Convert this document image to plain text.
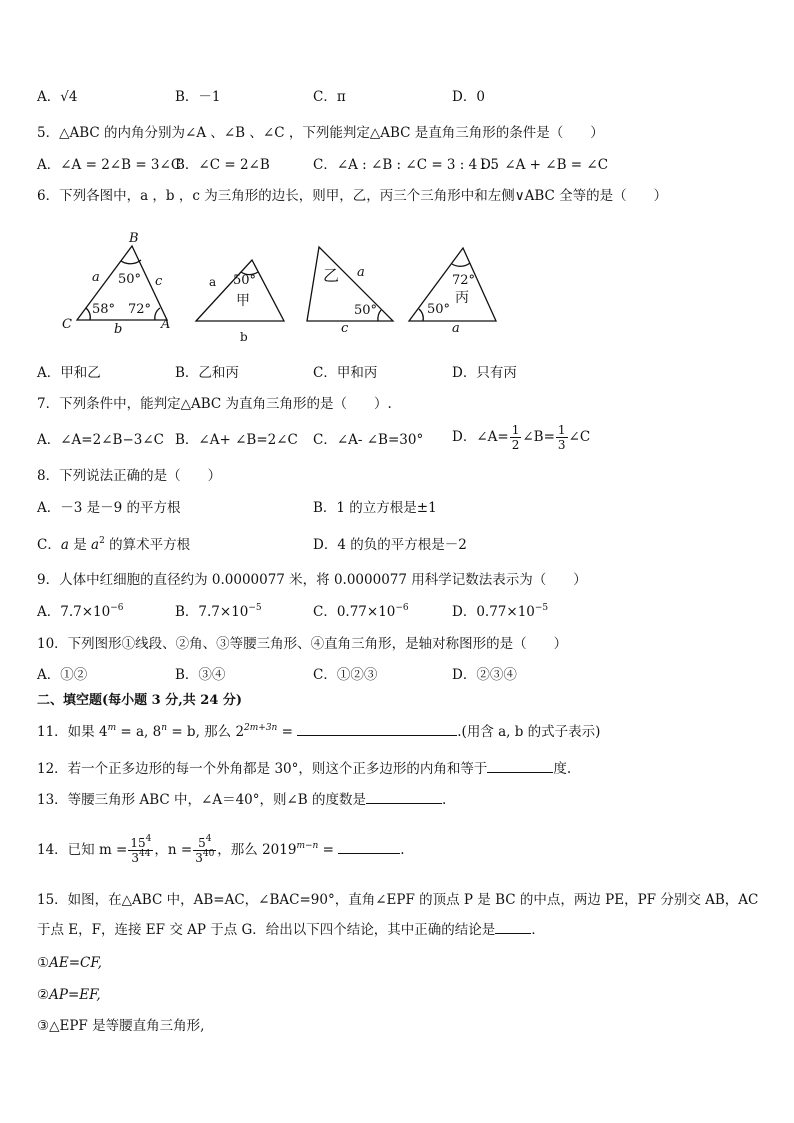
A．√4	B．－1	C．π	D．0
5．△ABC 的内角分别为∠A 、∠B 、∠C ，下列能判定△ABC 是直角三角形的条件是（　　）
A．∠A = 2∠B = 3∠C
B．∠C = 2∠B	C．∠A : ∠B : ∠C = 3 : 4 : 5
D．∠A + ∠B = ∠C
6．下列各图中，a ，b ，c 为三角形的边长，则甲，乙，丙三个三角形中和左侧∨ABC 全等的是（　　）
B
C	A
a
b
c
50°
58° 72°
a
b
50°
甲
a
c
50°
乙	72°
丙
50°
a
A．甲和乙	B．乙和丙	C．甲和丙	D．只有丙
7．下列条件中，能判定△ABC 为直角三角形的是（　　）.
A．∠A=2∠B−3∠C B．∠A+ ∠B=2∠C C．∠A- ∠B=30° D．∠A= $\frac{1}{2}$ ∠B= $\frac{1}{3}$ ∠C
8．下列说法正确的是（　　）
A．－3 是－9 的平方根	B．1 的立方根是±1
C．a 是 $a^2$ 的算术平方根	D．4 的负的平方根是－2
9．人体中红细胞的直径约为 0.0000077 米，将 0.0000077 用科学记数法表示为（　　）
A．$7.7\times 10^{-6}$	B．$7.7\times 10^{-5}$	C．$0.77\times 10^{-6}$	D．$0.77\times 10^{-5}$
10．下列图形①线段、②角、③等腰三角形、④直角三角形，是轴对称图形的是（　　）
A．①②	B．③④	C．①②③	D．②③④
二、填空题(每小题 3 分,共 24 分)
11．如果 $4^m = a$, $8^n = b$, 那么 $2^{2m+3n}$ =	.(用含 a, b 的式子表示)
12．若一个正多边形的每一个外角都是 30°，则这个正多边形的内角和等于	度.
13．等腰三角形 ABC 中，∠A＝40°，则∠B 的度数是	.
14．已知 $m = \frac{15^4}{3^{44}}$ ，$n = \frac{5^4}{3^{40}}$ ，那么 $2019^{m-n}$ =	.
15．如图，在△ABC 中，AB=AC，∠BAC=90°，直角∠EPF 的顶点 P 是 BC 的中点，两边 PE，PF 分别交 AB，AC
于点 E，F，连接 EF 交 AP 于点 G．给出以下四个结论，其中正确的结论是	．
①AE=CF,
②AP=EF,
③△EPF 是等腰直角三角形,
